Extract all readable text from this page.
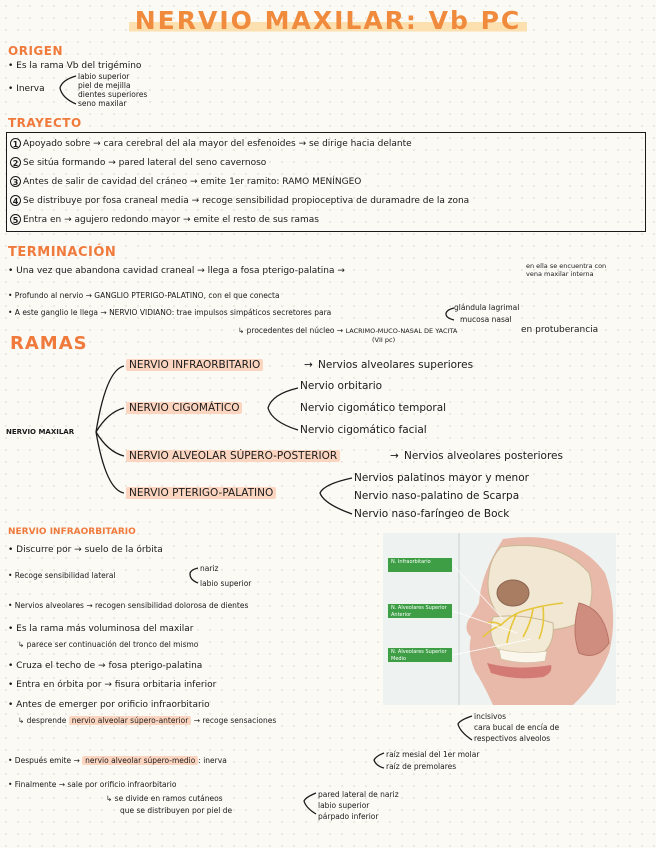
NERVIO MAXILAR: Vb PC
ORIGEN
• Es la rama Vb del trigémino
• Inerva
labio superior
piel de mejilla
dientes superiores
seno maxilar
TRAYECTO
1 Apoyado sobre → cara cerebral del ala mayor del esfenoides → se dirige hacia delante
2 Se sitúa formando → pared lateral del seno cavernoso
3 Antes de salir de cavidad del cráneo → emite 1er ramito: RAMO MENÍNGEO
4 Se distribuye por fosa craneal media → recoge sensibilidad propioceptiva de duramadre de la zona
5 Entra en → agujero redondo mayor → emite el resto de sus ramas
TERMINACIÓN
• Una vez que abandona cavidad craneal → llega a fosa pterigo-palatina →	en ella se encuentra con
vena maxilar interna
• Profundo al nervio → GANGLIO PTERIGO-PALATINO, con el que conecta
• A este ganglio le llega → NERVIO VIDIANO: trae impulsos simpáticos secretores para
glándula lagrimal
mucosa nasal
↳ procedentes del núcleo → LACRIMO-MUCO-NASAL DE YACITA	en protuberancia
(VII pc)
RAMAS
NERVIO MAXILAR
NERVIO INFRAORBITARIO	→ Nervios alveolares superiores
NERVIO CIGOMÁTICO
Nervio orbitario
Nervio cigomático temporal
Nervio cigomático facial
NERVIO ALVEOLAR SÚPERO-POSTERIOR	→ Nervios alveolares posteriores
NERVIO PTERIGO-PALATINO
Nervios palatinos mayor y menor
Nervio naso-palatino de Scarpa
Nervio naso-faríngeo de Bock
NERVIO INFRAORBITARIO
• Discurre por → suelo de la órbita
• Recoge sensibilidad lateral
nariz
labio superior
• Nervios alveolares → recogen sensibilidad dolorosa de dientes
• Es la rama más voluminosa del maxilar
↳ parece ser continuación del tronco del mismo
• Cruza el techo de → fosa pterigo-palatina
• Entra en órbita por → fisura orbitaria inferior
• Antes de emerger por orificio infraorbitario
↳ desprende nervio alveolar súpero-anterior → recoge sensaciones	incisivos
cara bucal de encía de
respectivos alveolos
• Después emite → nervio alveolar súpero-medio : inerva
raíz mesial del 1er molar
raíz de premolares
• Finalmente → sale por orificio infraorbitario
↳ se divide en ramos cutáneos
que se distribuyen por piel de
pared lateral de nariz
labio superior
párpado inferior
N. Infraorbitario
N. Alveolares Superior Anterior
N. Alveolares Superior Medio
